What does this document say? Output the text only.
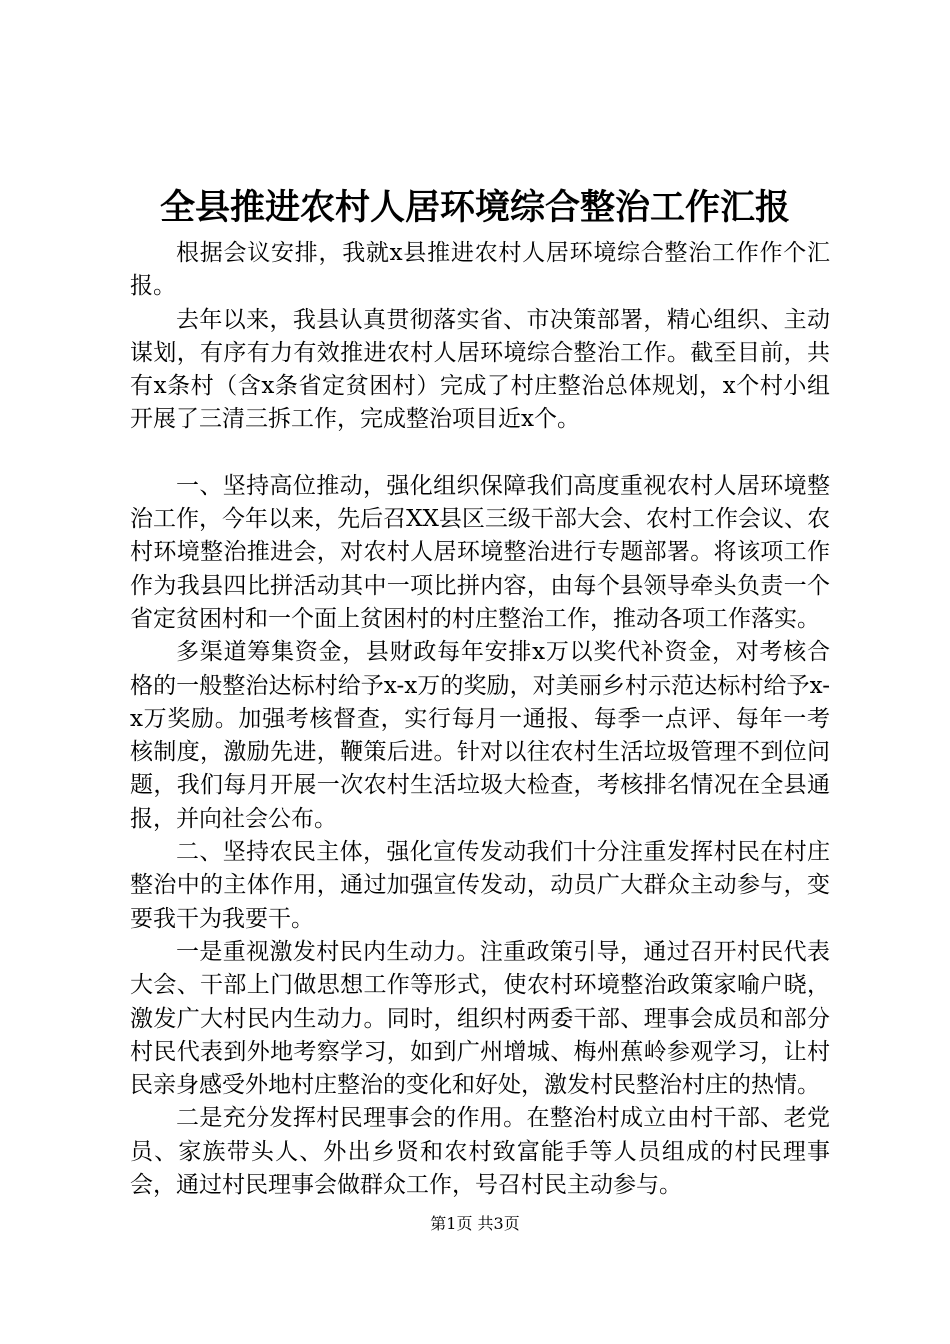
全县推进农村人居环境综合整治工作汇报

根据会议安排，我就x县推进农村人居环境综合整治工作作个汇报。

去年以来，我县认真贯彻落实省、市决策部署，精心组织、主动谋划，有序有力有效推进农村人居环境综合整治工作。截至目前，共有x条村（含x条省定贫困村）完成了村庄整治总体规划，x个村小组开展了三清三拆工作，完成整治项目近x个。

一、坚持高位推动，强化组织保障我们高度重视农村人居环境整治工作，今年以来，先后召XX县区三级干部大会、农村工作会议、农村环境整治推进会，对农村人居环境整治进行专题部署。将该项工作作为我县四比拼活动其中一项比拼内容，由每个县领导牵头负责一个省定贫困村和一个面上贫困村的村庄整治工作，推动各项工作落实。

多渠道筹集资金，县财政每年安排x万以奖代补资金，对考核合格的一般整治达标村给予x-x万的奖励，对美丽乡村示范达标村给予x-x万奖励。加强考核督查，实行每月一通报、每季一点评、每年一考核制度，激励先进，鞭策后进。针对以往农村生活垃圾管理不到位问题，我们每月开展一次农村生活垃圾大检查，考核排名情况在全县通报，并向社会公布。

二、坚持农民主体，强化宣传发动我们十分注重发挥村民在村庄整治中的主体作用，通过加强宣传发动，动员广大群众主动参与，变要我干为我要干。

一是重视激发村民内生动力。注重政策引导，通过召开村民代表大会、干部上门做思想工作等形式，使农村环境整治政策家喻户晓，激发广大村民内生动力。同时，组织村两委干部、理事会成员和部分村民代表到外地考察学习，如到广州增城、梅州蕉岭参观学习，让村民亲身感受外地村庄整治的变化和好处，激发村民整治村庄的热情。

二是充分发挥村民理事会的作用。在整治村成立由村干部、老党员、家族带头人、外出乡贤和农村致富能手等人员组成的村民理事会，通过村民理事会做群众工作，号召村民主动参与。

第1页 共3页
